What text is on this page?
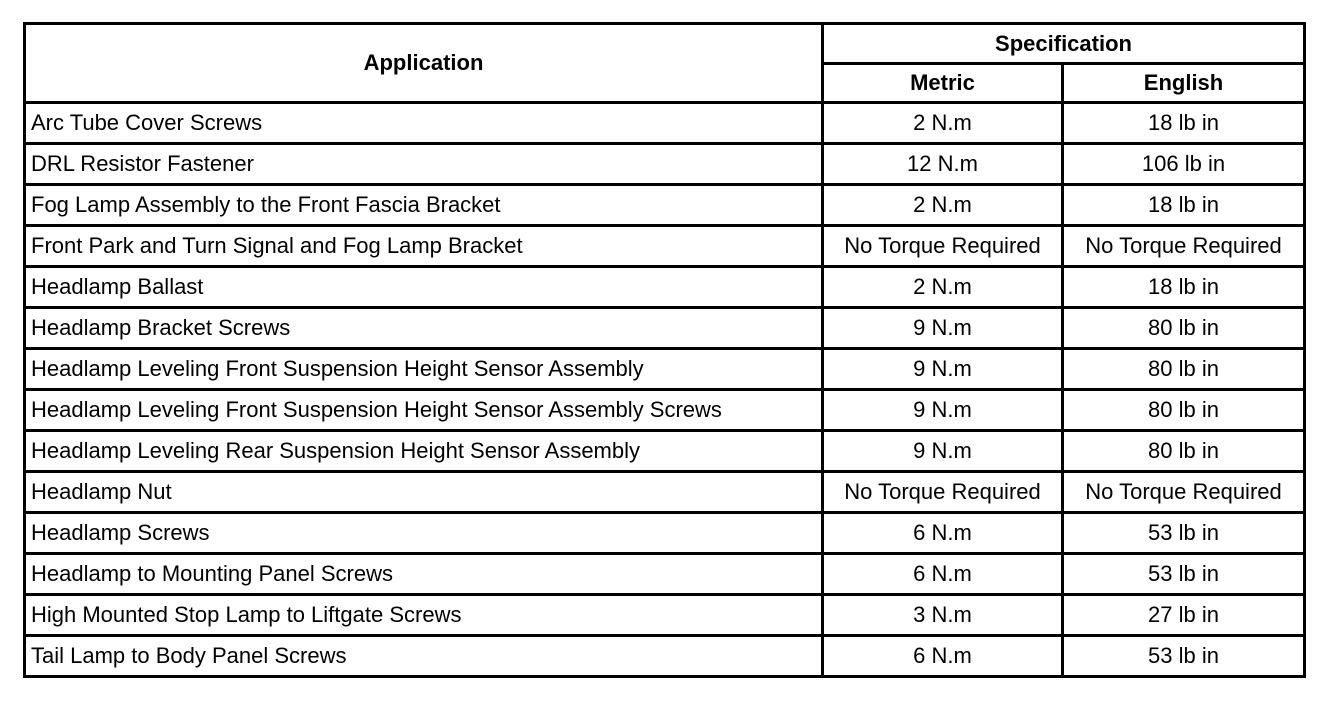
Application	Specification	
	Metric	English
Arc Tube Cover Screws	2 N.m	18 lb in
DRL Resistor Fastener	12 N.m	106 lb in
Fog Lamp Assembly to the Front Fascia Bracket	2 N.m	18 lb in
Front Park and Turn Signal and Fog Lamp Bracket	No Torque Required	No Torque Required
Headlamp Ballast	2 N.m	18 lb in
Headlamp Bracket Screws	9 N.m	80 lb in
Headlamp Leveling Front Suspension Height Sensor Assembly	9 N.m	80 lb in
Headlamp Leveling Front Suspension Height Sensor Assembly Screws	9 N.m	80 lb in
Headlamp Leveling Rear Suspension Height Sensor Assembly	9 N.m	80 lb in
Headlamp Nut	No Torque Required	No Torque Required
Headlamp Screws	6 N.m	53 lb in
Headlamp to Mounting Panel Screws	6 N.m	53 lb in
High Mounted Stop Lamp to Liftgate Screws	3 N.m	27 lb in
Tail Lamp to Body Panel Screws	6 N.m	53 lb in
